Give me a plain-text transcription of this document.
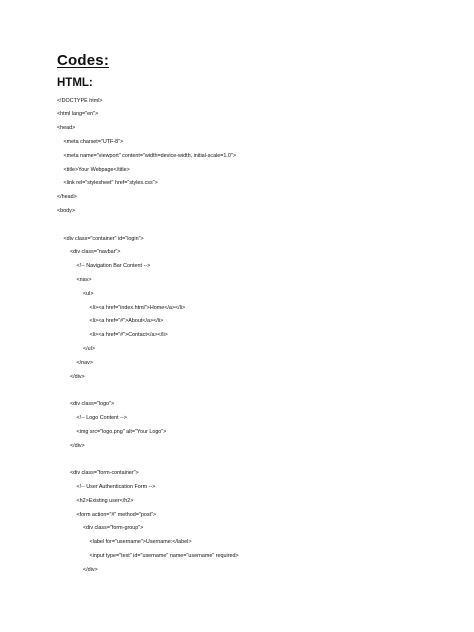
Codes:
HTML:
<!DOCTYPE html>
<html lang="en">
<head>
<meta charset="UTF-8">
<meta name="viewport" content="width=device-width, initial-scale=1.0">
<title>Your Webpage</title>
<link rel="stylesheet" href="styles.css">
</head>
<body>
<div class="container" id="login">
<div class="navbar">
<!-- Navigation Bar Content -->
<nav>
<ul>
<li><a href="index.html">Home</a></li>
<li><a href="#">About</a></li>
<li><a href="#">Contact</a></li>
</ul>
</nav>
</div>
<div class="logo">
<!-- Logo Content -->
<img src="logo.png" alt="Your Logo">
</div>
<div class="form-container">
<!-- User Authentication Form -->
<h2>Existing user</h2>
<form action="#" method="post">
<div class="form-group">
<label for="username">Username:</label>
<input type="text" id="username" name="username" required>
</div>
